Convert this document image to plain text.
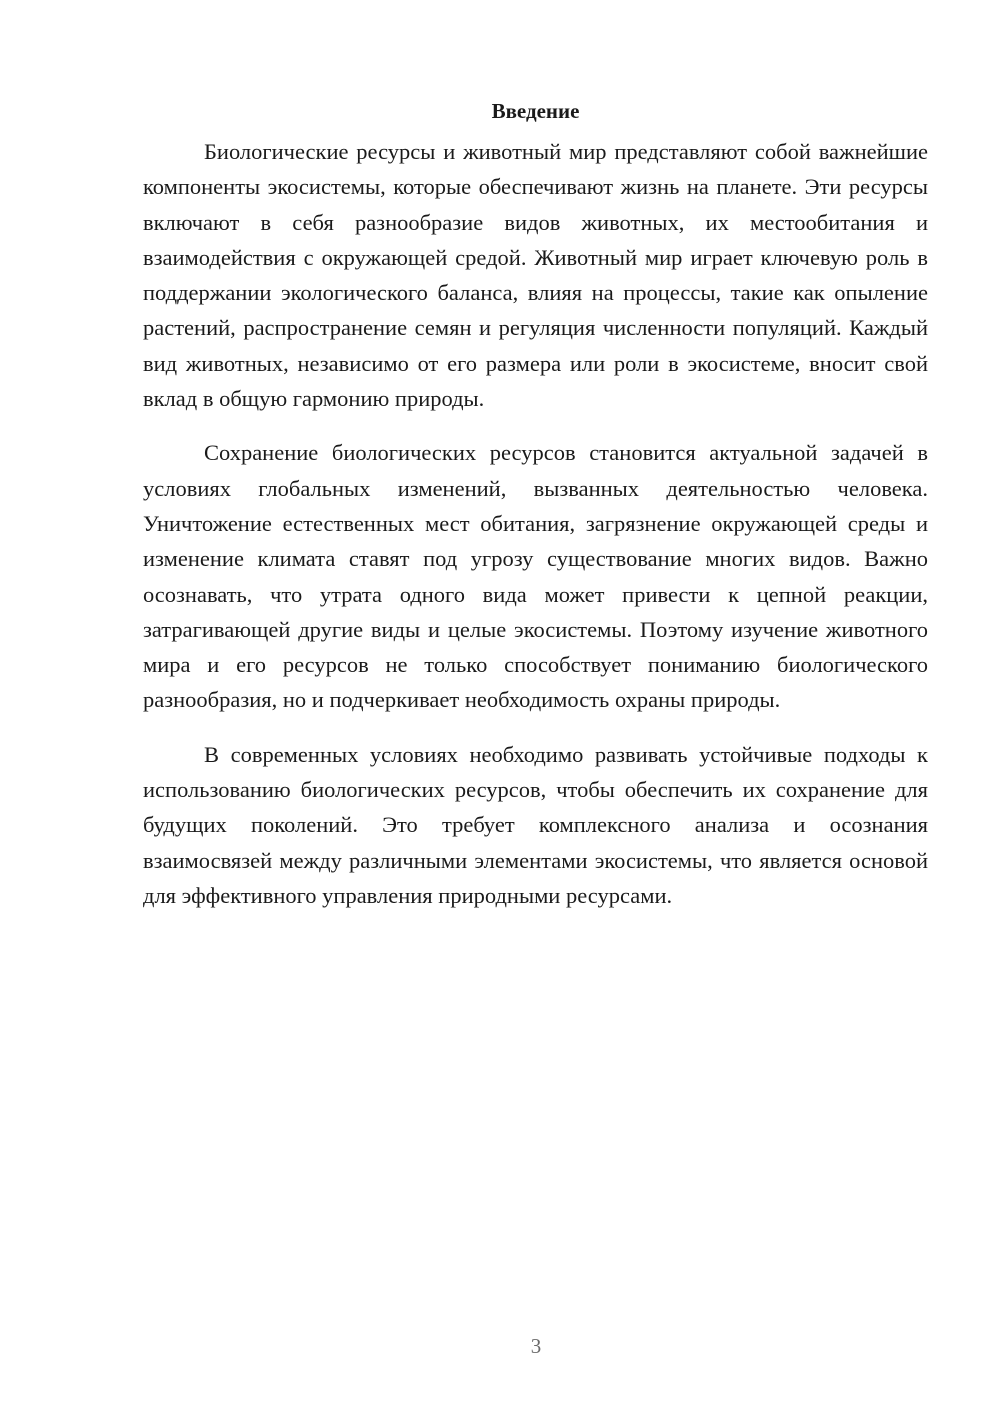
Введение

Биологические ресурсы и животный мир представляют собой важнейшие компоненты экосистемы, которые обеспечивают жизнь на планете. Эти ресурсы включают в себя разнообразие видов животных, их местообитания и взаимодействия с окружающей средой. Животный мир играет ключевую роль в поддержании экологического баланса, влияя на процессы, такие как опыление растений, распространение семян и регуляция численности популяций. Каждый вид животных, независимо от его размера или роли в экосистеме, вносит свой вклад в общую гармонию природы.

Сохранение биологических ресурсов становится актуальной задачей в условиях глобальных изменений, вызванных деятельностью человека. Уничтожение естественных мест обитания, загрязнение окружающей среды и изменение климата ставят под угрозу существование многих видов. Важно осознавать, что утрата одного вида может привести к цепной реакции, затрагивающей другие виды и целые экосистемы. Поэтому изучение животного мира и его ресурсов не только способствует пониманию биологического разнообразия, но и подчеркивает необходимость охраны природы.

В современных условиях необходимо развивать устойчивые подходы к использованию биологических ресурсов, чтобы обеспечить их сохранение для будущих поколений. Это требует комплексного анализа и осознания взаимосвязей между различными элементами экосистемы, что является основой для эффективного управления природными ресурсами.

3
